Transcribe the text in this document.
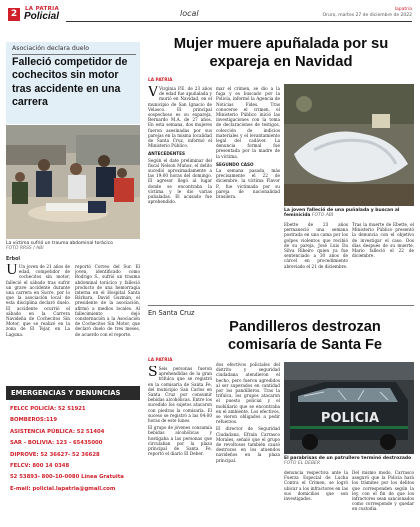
2	LA PATRIA
Policial	local	lapatria
Oruro, martes 27 de diciembre de 2022
Asociación declara duelo
Falleció competidor de cochecitos sin motor tras accidente en una carrera
La víctima sufrió un trauma abdominal torácico
FOTO RRSS / ABI
Erbol
U Un joven de 21 años de edad, competidor de cochecitos sin motor, falleció el sábado tras sufrir un grave accidente durante una carrera en Sucre, por lo que la asociación local de esta disciplina declaró duelo. El accidente ocurrió el sábado en la Carrera Navideña de Cochecitos Sin Motor, que se realizó en la zona de El Tejar, en La Laguna.
reportó Correo del Sur. El joven, identificado como Rodrigo S., sufrió un trauma abdominal torácico y falleció producto de una hemorragia interna en el Hospital Santa Bárbara, David Guzmán, el presidente de la asociación, afirmó a medios locales. Al fallecimiento dejó consternación a la Asociación de Cochecitos Sin Motor, que declaró duelo de tres meses, de acuerdo con el reporte.
EMERGENCIAS Y DENUNCIAS
FELCC POLICÍA: 52 51921
BOMBEROS:119
ASISTENCIA PÚBLICA: 52 51404
SAR - BOLIVIA: 123 - 65435000
DIPROVE: 52 36627- 52 36628
FELCV: 800 14 0348
52 53893- 800-10-0080 Línea Gratuita
E-mail: policial.lapatria@gmail.com
Mujer muere apuñalada por su expareja en Navidad
LA PATRIA
V Virginia P.E. de 23 años de edad fue apuñalada y murió en Navidad, en el municipio de San Ignacio de Velasco. El principal sospechoso es su expareja, Bernardo M.A. de 27 años. En esta semana, dos mujeres fueron asesinadas por sus parejas en la misma localidad de Santa Cruz, informó el Ministerio Público.

ANTECEDENTES

Según el date preliminar del fiscal Nelson Muñoz, el delito sucedió aproximadamente a las 19:00 horas del domingo. El agresor llegó al lugar donde se encontraba la víctima y le dio varias puñaladas. El acusado fue aprehendido.

mar el crimen, se dio a la fuga y es buscado por la Policía, informó la Agencia de Noticias Fides. Tras conocerse el crimen, el Ministerio Público inició las investigaciones con la toma de declaraciones de testigos, colección de indicios materiales y el levantamiento legal del cadáver. La denuncia formal fue presentada por la madre de la víctima.

SEGUNDO CASO

La semana pasada, más precisamente el 22 de diciembre, la víctima Flavor P., fue victimada por su pareja de nacionalidad brasilera.

La joven falleció de una puñalada y buscan al feminicida FOTO ABI

Ebette de 23 años permaneció una semana postrada en una cama por los golpes violentos que recibió de su pareja, José Luis Da Silva Ribeiro quien ya fue sentenciado a 30 años de cárcel en procedimiento abreviado el 21 de diciembre.

Tras la muerte de Ebette, el Ministerio Público presentó la denuncia con el objetivo de investigar el caso. Dos días después de su muerte, Mario falleció el 22 de diciembre.

En Santa Cruz
Pandilleros destrozan comisaría de Santa Fe
LA PATRIA
S Seis personas fueron aprehendidas de la gran trifulca que se registró en la comisaría de Santa Fe, del municipio San Carlos en Santa Cruz por consumir bebidas alcohólicas. Entre los sucedido los sujetos atacaron con piedras la comisaría. El suceso se registró a las 04:00 horas de este lunes.

El grupo de jóvenes consumía bebidas alcohólicas y hostigaba a las personas que circulaban por la plaza principal de Santa Fe, reportó el diario El Deber.

dos efectivos policiales del distrito y seguridad ciudadana atendieron el hecho, pero fueron agredidos al ser superados en cantidad por los pandilleros. Tras la trifulca, los grupos atacaron el puesto policial y el mobiliario que se encontraba en el ambiente. Los efectivos, se vieron obligados a pedir refuerzos.

El director de Seguridad Ciudadana, Efraín Carrasco Morales, señaló que el grupo de revoltosos también causó destrozos en los atuendos navideños en la plaza principal.

POLICIA
El parabrisas de un patrullero terminó destrozado FOTO EL DEBER

denuncia respectiva ante la Fuerza Especial de Lucha Contra el Crimen, se logró ubicar a los infractores en las sus domicilios que son investigados.

Del mismo modo, Carrasco aseguró que la Policía hará los trámites por los delitos que corresponden según la ley, con el fin de que los infractores sean sancionados como corresponde y quedar en custodia.
